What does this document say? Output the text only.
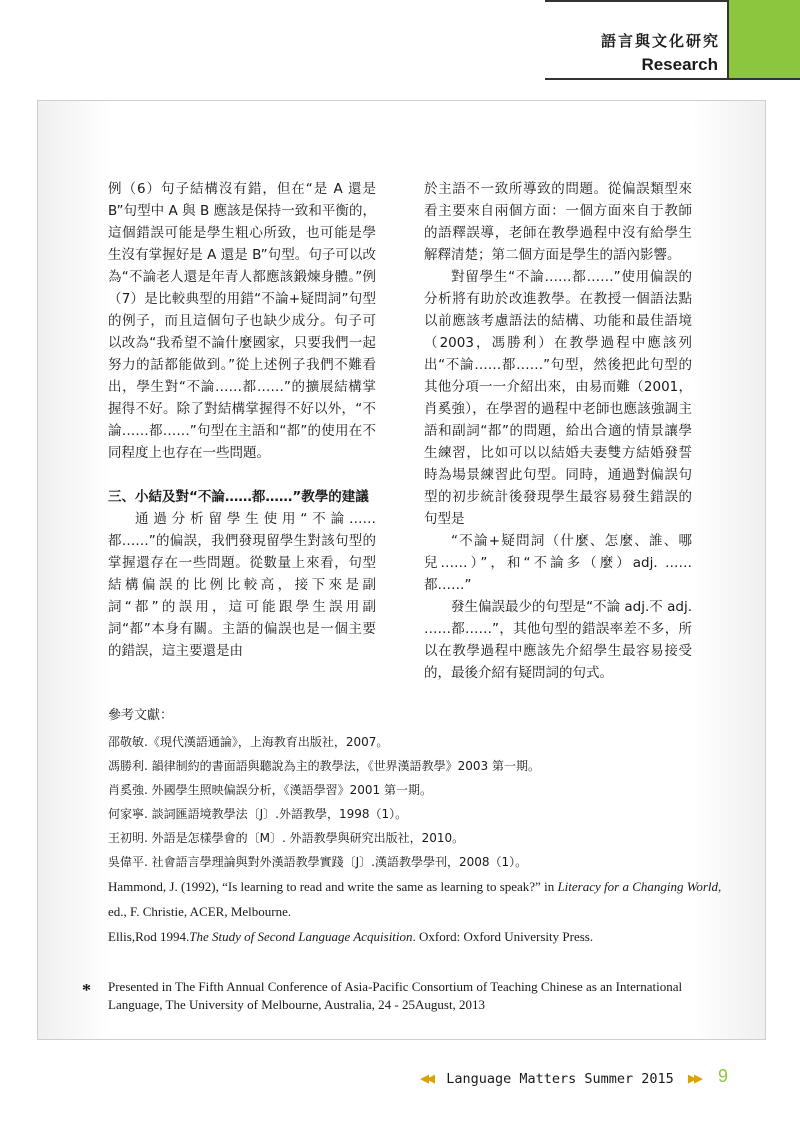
語言與文化研究
Research

例（6）句子結構沒有錯，但在“是 A 還是 B”句型中 A 與 B 應該是保持一致和平衡的，這個錯誤可能是學生粗心所致，也可能是學生沒有掌握好是 A 還是 B”句型。句子可以改為“不論老人還是年青人都應該鍛煉身體。”例（7）是比較典型的用錯“不論+疑問詞”句型的例子，而且這個句子也缺少成分。句子可以改為“我希望不論什麼國家，只要我們一起努力的話都能做到。”從上述例子我們不難看出，學生對“不論……都……”的擴展結構掌握得不好。除了對結構掌握得不好以外，“不論……都……”句型在主語和“都”的使用在不同程度上也存在一些問題。

三、小結及對“不論……都……”教學的建議

通過分析留學生使用“不論……都……”的偏誤，我們發現留學生對該句型的掌握還存在一些問題。從數量上來看，句型結構偏誤的比例比較高，接下來是副詞“都”的誤用，這可能跟學生誤用副詞“都”本身有關。主語的偏誤也是一個主要的錯誤，這主要還是由

於主語不一致所導致的問題。從偏誤類型來看主要來自兩個方面：一個方面來自于教師的語釋誤導，老師在教學過程中沒有給學生解釋清楚；第二個方面是學生的語內影響。

對留學生“不論……都……”使用偏誤的分析將有助於改進教學。在教授一個語法點以前應該考慮語法的結構、功能和最佳語境（2003，馮勝利）在教學過程中應該列出“不論……都……”句型，然後把此句型的其他分項一一介紹出來，由易而難（2001，肖奚強），在學習的過程中老師也應該強調主語和副詞“都”的問題，給出合適的情景讓學生練習，比如可以以結婚夫妻雙方結婚發誓時為場景練習此句型。同時，通過對偏誤句型的初步統計後發現學生最容易發生錯誤的句型是

“不論+疑問詞（什麼、怎麼、誰、哪兒……）”，和“不論多（麼）adj. ……都……”

發生偏誤最少的句型是“不論 adj.不 adj. ……都……”，其他句型的錯誤率差不多，所以在教學過程中應該先介紹學生最容易接受的，最後介紹有疑問詞的句式。

參考文獻：
邵敬敏.《現代漢語通論》，上海教育出版社，2007。
馮勝利. 韻律制約的書面語與聽說為主的教學法，《世界漢語教學》2003 第一期。
肖奚強. 外國學生照映偏誤分析，《漢語學習》2001 第一期。
何家寧. 談詞匯語境教學法〔J〕.外語教學，1998（1）。
王初明. 外語是怎樣學會的〔M〕. 外語教學與研究出版社，2010。
吳偉平. 社會語言學理論與對外漢語教學實踐〔J〕.漢語教學學刊，2008（1）。
Hammond, J. (1992), “Is learning to read and write the same as learning to speak?” in Literacy for a Changing World, ed., F. Christie, ACER, Melbourne.
Ellis,Rod 1994.The Study of Second Language Acquisition. Oxford: Oxford University Press.
* Presented in The Fifth Annual Conference of Asia-Pacific Consortium of Teaching Chinese as an International Language, The University of Melbourne, Australia, 24 - 25August, 2013
◀◀ Language Matters Summer 2015 ▶▶	9
